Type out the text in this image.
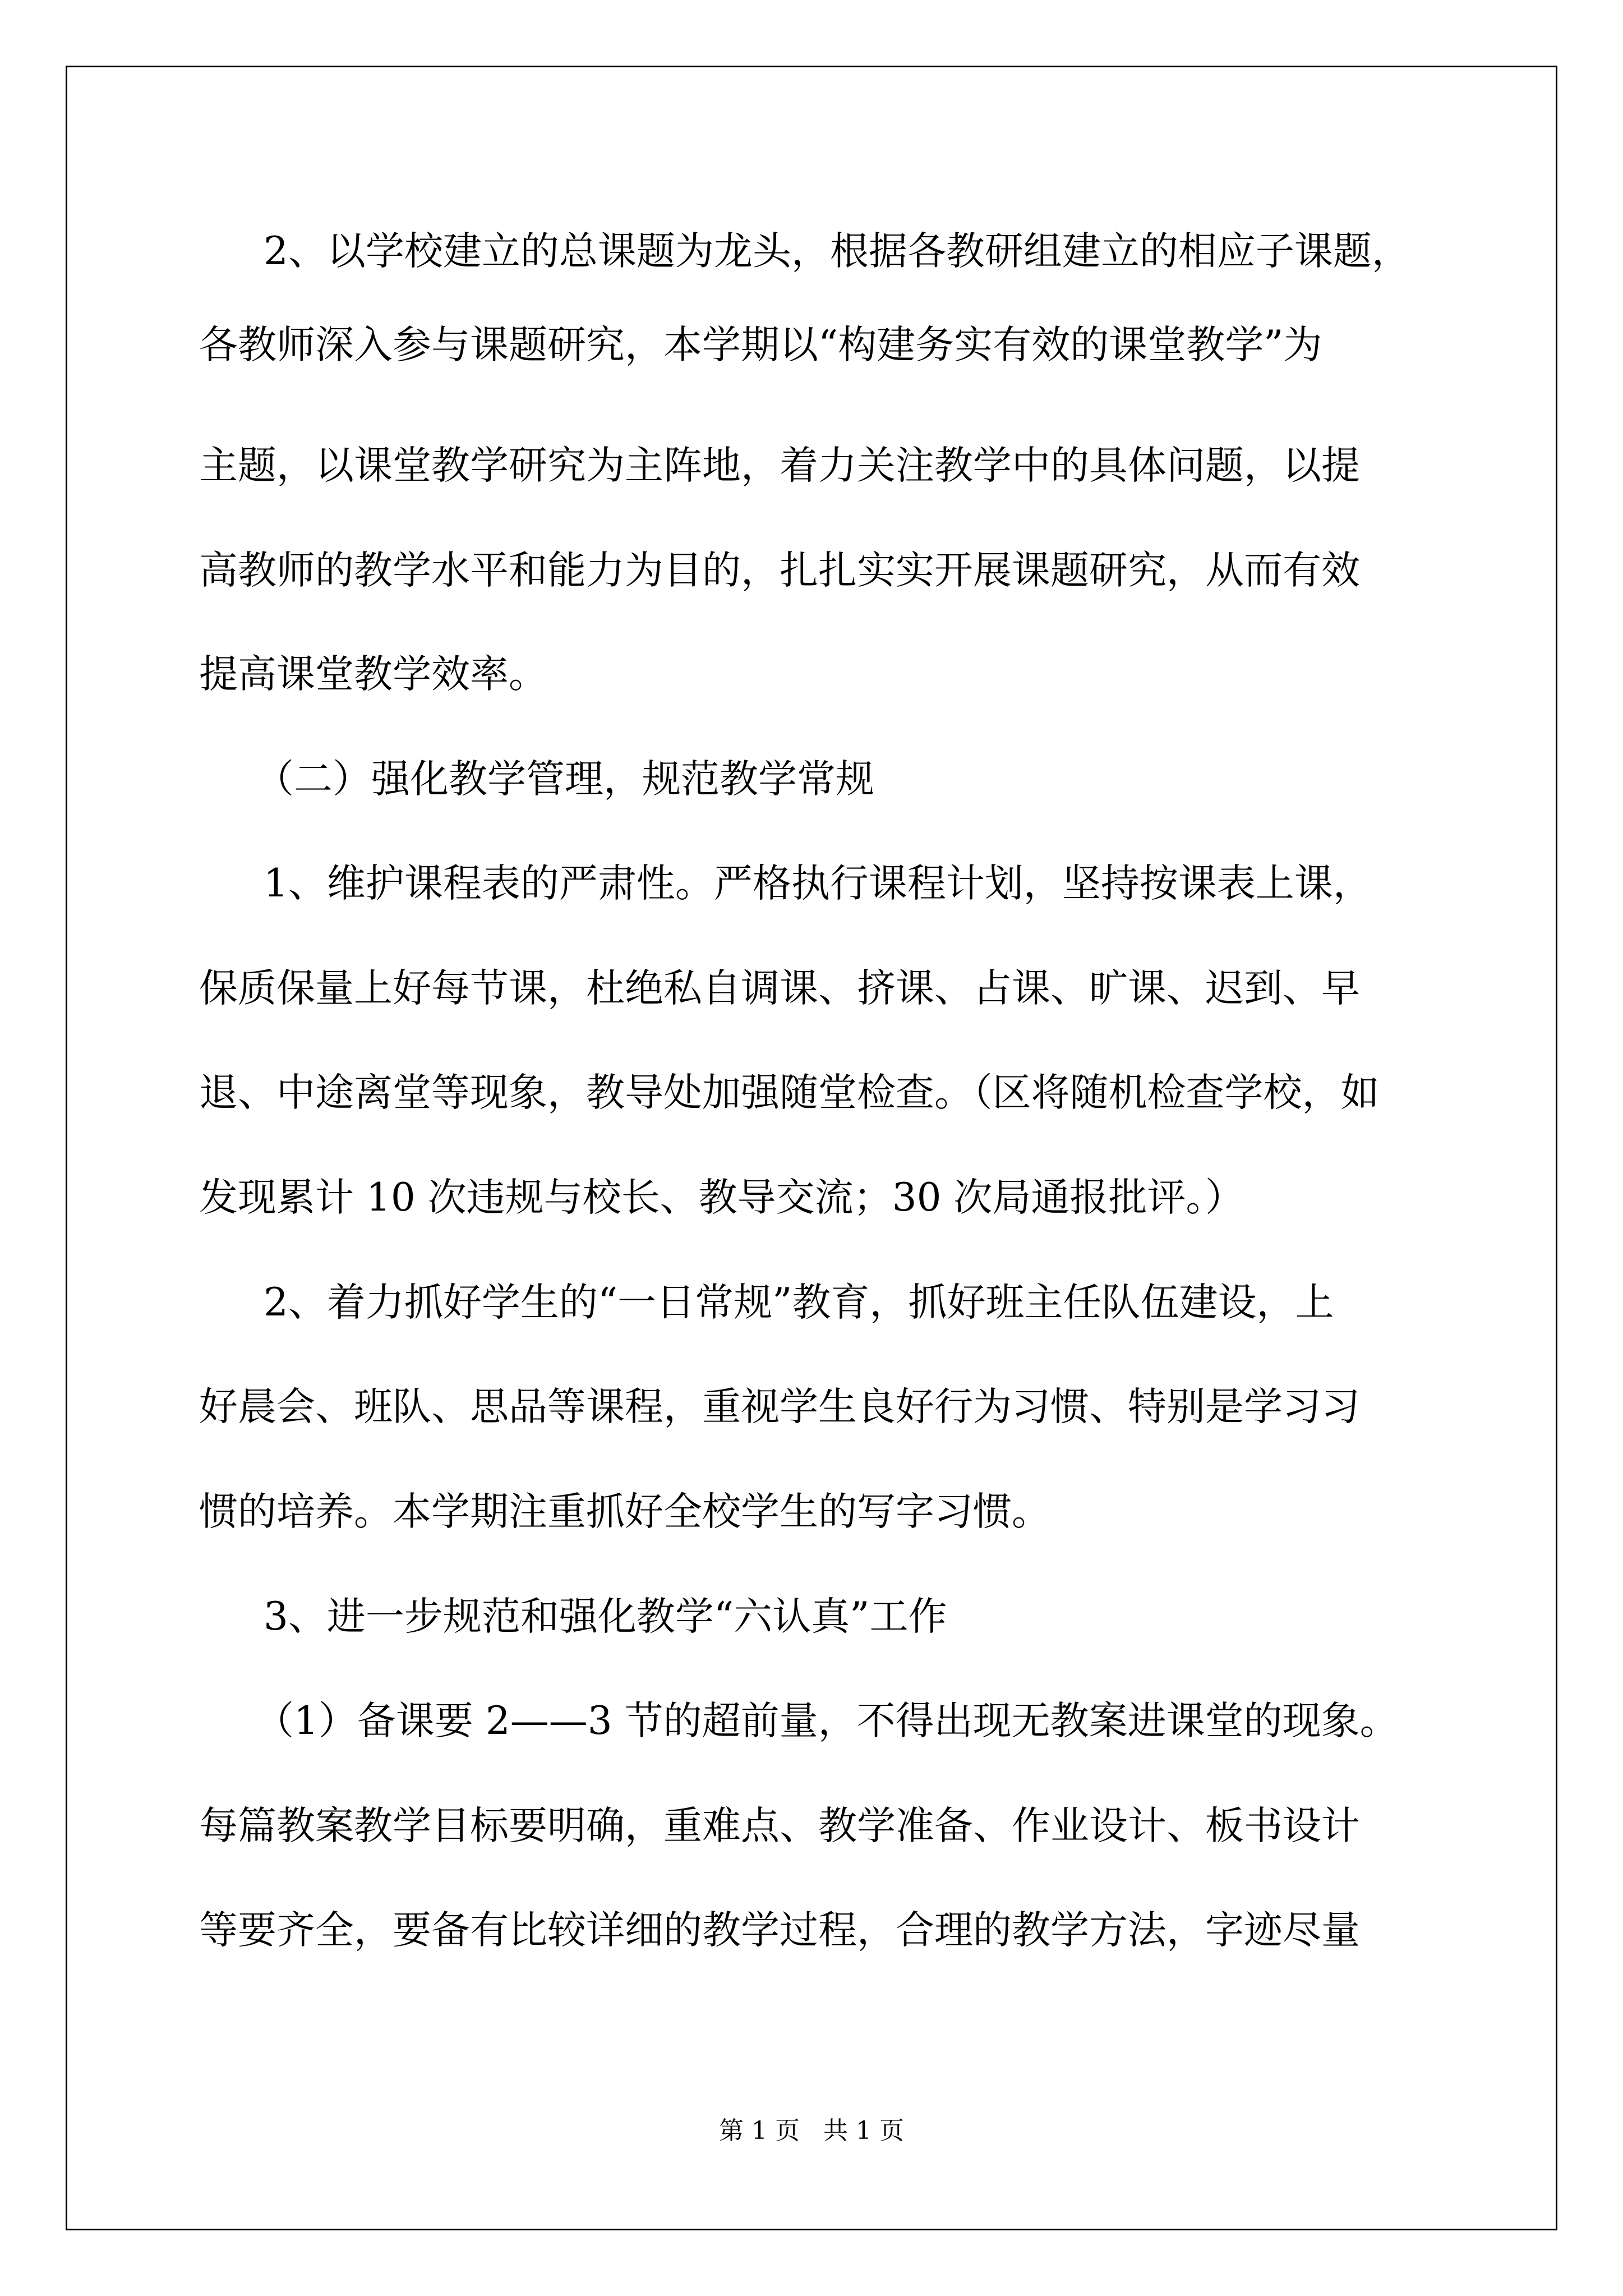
2、以学校建立的总课题为龙头，根据各教研组建立的相应子课题，
各教师深入参与课题研究，本学期以“构建务实有效的课堂教学”为
主题，以课堂教学研究为主阵地，着力关注教学中的具体问题，以提
高教师的教学水平和能力为目的，扎扎实实开展课题研究，从而有效
提高课堂教学效率。
（二）强化教学管理，规范教学常规
1、维护课程表的严肃性。严格执行课程计划，坚持按课表上课，
保质保量上好每节课，杜绝私自调课、挤课、占课、旷课、迟到、早
退、中途离堂等现象，教导处加强随堂检查。（区将随机检查学校，如
发现累计 10 次违规与校长、教导交流；30 次局通报批评。）
2、着力抓好学生的“一日常规”教育，抓好班主任队伍建设，上
好晨会、班队、思品等课程，重视学生良好行为习惯、特别是学习习
惯的培养。本学期注重抓好全校学生的写字习惯。
3、进一步规范和强化教学“六认真”工作
（1）备课要 2——3 节的超前量，不得出现无教案进课堂的现象。
每篇教案教学目标要明确，重难点、教学准备、作业设计、板书设计
等要齐全，要备有比较详细的教学过程，合理的教学方法，字迹尽量
第 1 页   共 1 页
